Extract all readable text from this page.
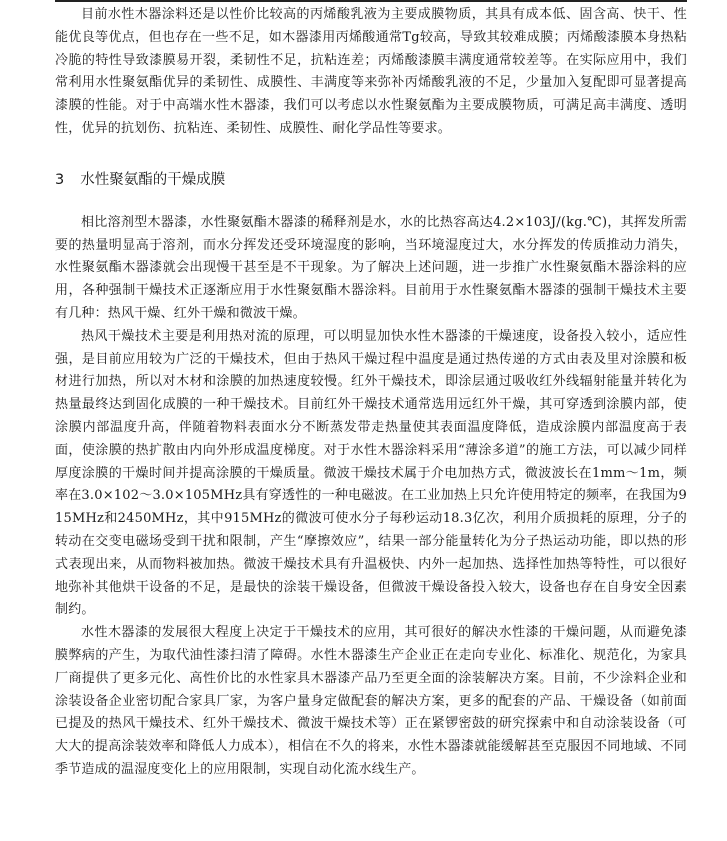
目前水性木器涂料还是以性价比较高的丙烯酸乳液为主要成膜物质，其具有成本低、固含高、快干、性能优良等优点，但也存在一些不足，如木器漆用丙烯酸通常Tg较高，导致其较难成膜；丙烯酸漆膜本身热粘冷脆的特性导致漆膜易开裂，柔韧性不足，抗粘连差；丙烯酸漆膜丰满度通常较差等。在实际应用中，我们常利用水性聚氨酯优异的柔韧性、成膜性、丰满度等来弥补丙烯酸乳液的不足，少量加入复配即可显著提高漆膜的性能。对于中高端水性木器漆，我们可以考虑以水性聚氨酯为主要成膜物质，可满足高丰满度、透明性，优异的抗划伤、抗粘连、柔韧性、成膜性、耐化学品性等要求。

3 水性聚氨酯的干燥成膜

相比溶剂型木器漆，水性聚氨酯木器漆的稀释剂是水，水的比热容高达4.2×103J/(kg.℃)，其挥发所需要的热量明显高于溶剂，而水分挥发还受环境湿度的影响，当环境湿度过大，水分挥发的传质推动力消失，水性聚氨酯木器漆就会出现慢干甚至是不干现象。为了解决上述问题，进一步推广水性聚氨酯木器涂料的应用，各种强制干燥技术正逐渐应用于水性聚氨酯木器涂料。目前用于水性聚氨酯木器漆的强制干燥技术主要有几种：热风干燥、红外干燥和微波干燥。

热风干燥技术主要是利用热对流的原理，可以明显加快水性木器漆的干燥速度，设备投入较小，适应性强，是目前应用较为广泛的干燥技术，但由于热风干燥过程中温度是通过热传递的方式由表及里对涂膜和板材进行加热，所以对木材和涂膜的加热速度较慢。红外干燥技术，即涂层通过吸收红外线辐射能量并转化为热量最终达到固化成膜的一种干燥技术。目前红外干燥技术通常选用远红外干燥，其可穿透到涂膜内部，使涂膜内部温度升高，伴随着物料表面水分不断蒸发带走热量使其表面温度降低，造成涂膜内部温度高于表面，使涂膜的热扩散由内向外形成温度梯度。对于水性木器涂料采用“薄涂多道”的施工方法，可以减少同样厚度涂膜的干燥时间并提高涂膜的干燥质量。微波干燥技术属于介电加热方式，微波波长在1mm～1m，频率在3.0×102～3.0×105MHz具有穿透性的一种电磁波。在工业加热上只允许使用特定的频率，在我国为915MHz和2450MHz，其中915MHz的微波可使水分子每秒运动18.3亿次，利用介质损耗的原理，分子的转动在交变电磁场受到干扰和限制，产生“摩擦效应”，结果一部分能量转化为分子热运动功能，即以热的形式表现出来，从而物料被加热。微波干燥技术具有升温极快、内外一起加热、选择性加热等特性，可以很好地弥补其他烘干设备的不足，是最快的涂装干燥设备，但微波干燥设备投入较大，设备也存在自身安全因素制约。

水性木器漆的发展很大程度上决定于干燥技术的应用，其可很好的解决水性漆的干燥问题，从而避免漆膜弊病的产生，为取代油性漆扫清了障碍。水性木器漆生产企业正在走向专业化、标准化、规范化，为家具厂商提供了更多元化、高性价比的水性家具木器漆产品乃至更全面的涂装解决方案。目前，不少涂料企业和涂装设备企业密切配合家具厂家，为客户量身定做配套的解决方案，更多的配套的产品、干燥设备（如前面已提及的热风干燥技术、红外干燥技术、微波干燥技术等）正在紧锣密鼓的研究探索中和自动涂装设备（可大大的提高涂装效率和降低人力成本），相信在不久的将来，水性木器漆就能缓解甚至克服因不同地域、不同季节造成的温湿度变化上的应用限制，实现自动化流水线生产。
